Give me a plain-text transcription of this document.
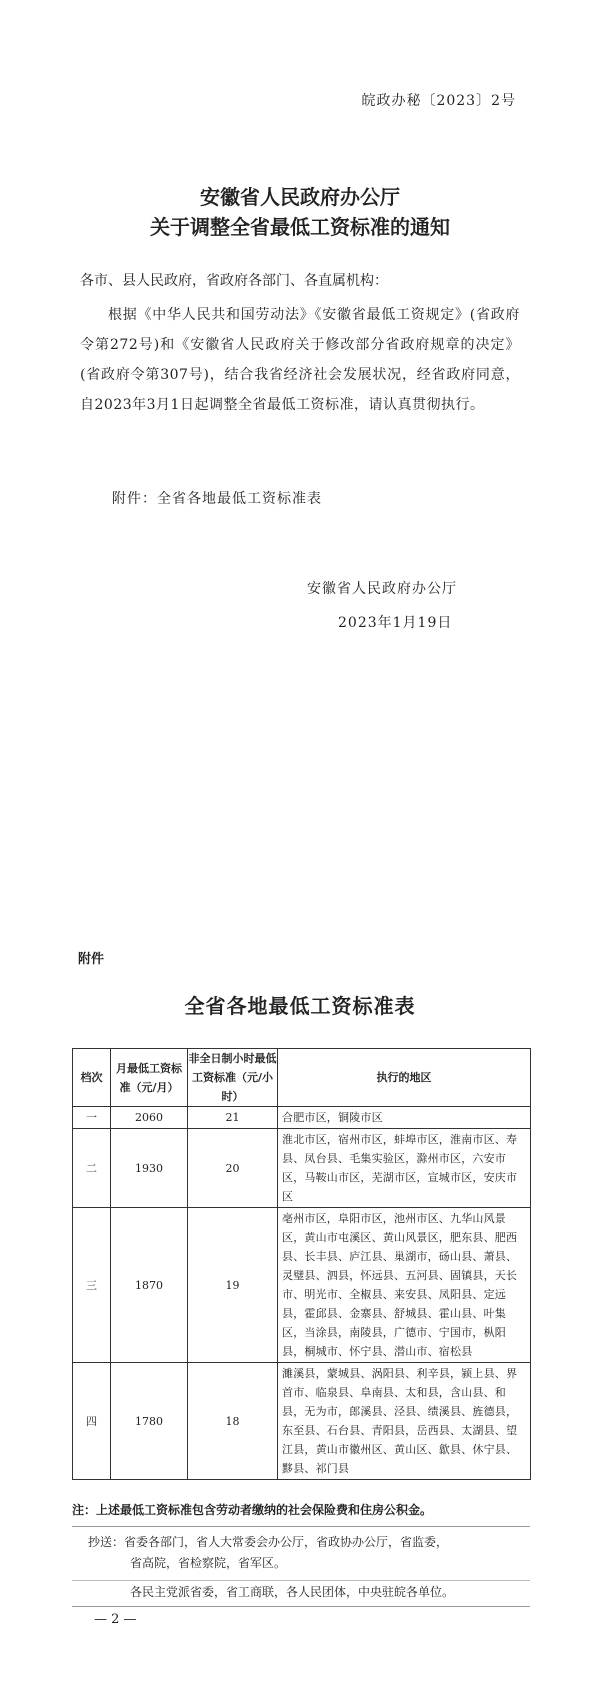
皖政办秘〔2023〕2号
安徽省人民政府办公厅
关于调整全省最低工资标准的通知
各市、县人民政府，省政府各部门、各直属机构：

根据《中华人民共和国劳动法》《安徽省最低工资规定》(省政府令第272号)和《安徽省人民政府关于修改部分省政府规章的决定》(省政府令第307号)，结合我省经济社会发展状况，经省政府同意，自2023年3月1日起调整全省最低工资标准，请认真贯彻执行。

附件：全省各地最低工资标准表
安徽省人民政府办公厅
2023年1月19日
附件
全省各地最低工资标准表
档次	月最低工资标准（元/月）	非全日制小时最低工资标准（元/小时）	执行的地区
一	2060	21	合肥市区，铜陵市区
二	1930	20	淮北市区，宿州市区，蚌埠市区，淮南市区、寿县、凤台县、毛集实验区，滁州市区，六安市区，马鞍山市区，芜湖市区，宣城市区，安庆市区
三	1870	19	亳州市区，阜阳市区，池州市区、九华山风景区，黄山市屯溪区、黄山风景区，肥东县、肥西县、长丰县、庐江县、巢湖市，砀山县、萧县、灵璧县、泗县，怀远县、五河县、固镇县，天长市、明光市、全椒县、来安县、凤阳县、定远县，霍邱县、金寨县、舒城县、霍山县、叶集区，当涂县，南陵县，广德市、宁国市，枞阳县，桐城市、怀宁县、潜山市、宿松县
四	1780	18	濉溪县，蒙城县、涡阳县、利辛县，颍上县、界首市、临泉县、阜南县、太和县，含山县、和县，无为市，郎溪县、泾县、绩溪县、旌德县，东至县、石台县、青阳县，岳西县、太湖县、望江县，黄山市徽州区、黄山区、歙县、休宁县、黟县、祁门县
注：上述最低工资标准包含劳动者缴纳的社会保险费和住房公积金。
抄送：省委各部门，省人大常委会办公厅，省政协办公厅，省监委，
省高院，省检察院，省军区。
各民主党派省委，省工商联，各人民团体，中央驻皖各单位。
— 2 —
